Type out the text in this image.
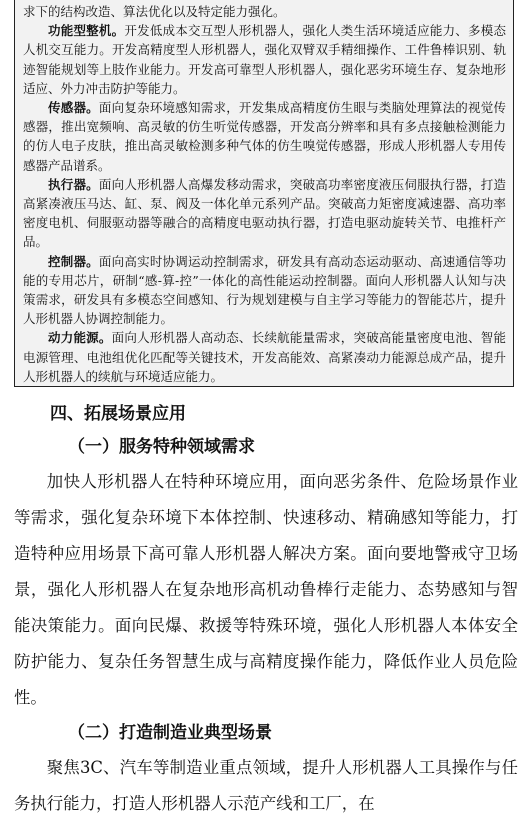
求下的结构改造、算法优化以及特定能力强化。

功能型整机。开发低成本交互型人形机器人，强化人类生活环境适应能力、多模态人机交互能力。开发高精度型人形机器人，强化双臂双手精细操作、工件鲁棒识别、轨迹智能规划等上肢作业能力。开发高可靠型人形机器人，强化恶劣环境生存、复杂地形适应、外力冲击防护等能力。

传感器。面向复杂环境感知需求，开发集成高精度仿生眼与类脑处理算法的视觉传感器，推出宽频响、高灵敏的仿生听觉传感器，开发高分辨率和具有多点接触检测能力的仿人电子皮肤，推出高灵敏检测多种气体的仿生嗅觉传感器，形成人形机器人专用传感器产品谱系。

执行器。面向人形机器人高爆发移动需求，突破高功率密度液压伺服执行器，打造高紧凑液压马达、缸、泵、阀及一体化单元系列产品。突破高力矩密度减速器、高功率密度电机、伺服驱动器等融合的高精度电驱动执行器，打造电驱动旋转关节、电推杆产品。

控制器。面向高实时协调运动控制需求，研发具有高动态运动驱动、高速通信等功能的专用芯片，研制“感-算-控”一体化的高性能运动控制器。面向人形机器人认知与决策需求，研发具有多模态空间感知、行为规划建模与自主学习等能力的智能芯片，提升人形机器人协调控制能力。

动力能源。面向人形机器人高动态、长续航能量需求，突破高能量密度电池、智能电源管理、电池组优化匹配等关键技术，开发高能效、高紧凑动力能源总成产品，提升人形机器人的续航与环境适应能力。

四、拓展场景应用
（一）服务特种领域需求

加快人形机器人在特种环境应用，面向恶劣条件、危险场景作业等需求，强化复杂环境下本体控制、快速移动、精确感知等能力，打造特种应用场景下高可靠人形机器人解决方案。面向要地警戒守卫场景，强化人形机器人在复杂地形高机动鲁棒行走能力、态势感知与智能决策能力。面向民爆、救援等特殊环境，强化人形机器人本体安全防护能力、复杂任务智慧生成与高精度操作能力，降低作业人员危险性。

（二）打造制造业典型场景

聚焦3C、汽车等制造业重点领域，提升人形机器人工具操作与任务执行能力，打造人形机器人示范产线和工厂，在
